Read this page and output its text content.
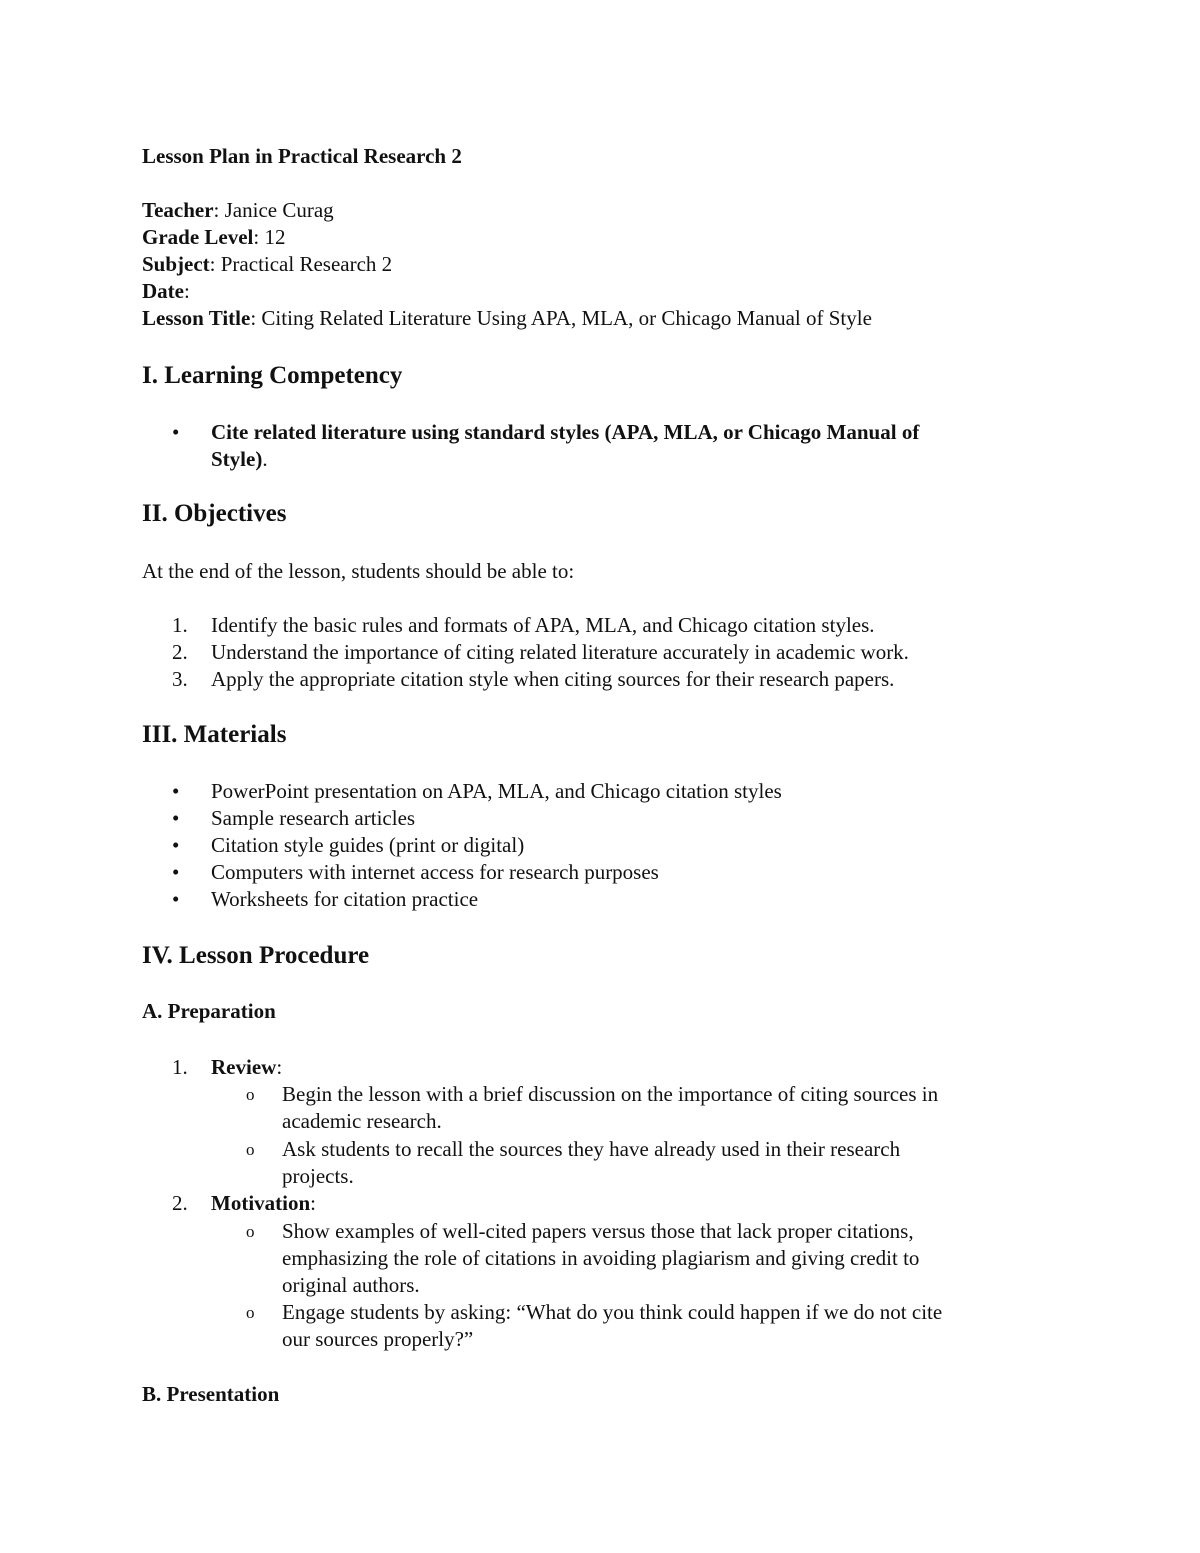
Lesson Plan in Practical Research 2
Teacher: Janice Curag
Grade Level: 12
Subject: Practical Research 2
Date:
Lesson Title: Citing Related Literature Using APA, MLA, or Chicago Manual of Style
I. Learning Competency
• Cite related literature using standard styles (APA, MLA, or Chicago Manual of
Style).
II. Objectives
At the end of the lesson, students should be able to:
1. Identify the basic rules and formats of APA, MLA, and Chicago citation styles.
2. Understand the importance of citing related literature accurately in academic work.
3. Apply the appropriate citation style when citing sources for their research papers.
III. Materials
• PowerPoint presentation on APA, MLA, and Chicago citation styles
• Sample research articles
• Citation style guides (print or digital)
• Computers with internet access for research purposes
• Worksheets for citation practice
IV. Lesson Procedure
A. Preparation
1. Review:
o Begin the lesson with a brief discussion on the importance of citing sources in
academic research.
o Ask students to recall the sources they have already used in their research
projects.
2. Motivation:
o Show examples of well-cited papers versus those that lack proper citations,
emphasizing the role of citations in avoiding plagiarism and giving credit to
original authors.
o Engage students by asking: “What do you think could happen if we do not cite
our sources properly?”
B. Presentation
